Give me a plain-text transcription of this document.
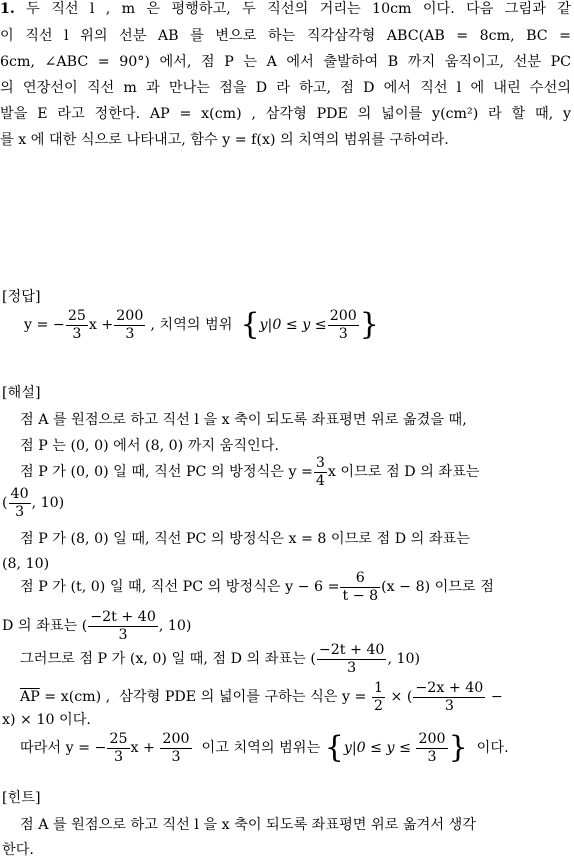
1. 두 직선 l , m 은 평행하고, 두 직선의 거리는 10cm 이다. 다음 그림과 같
이 직선 l 위의 선분 AB 를 변으로 하는 직각삼각형 ABC(AB = 8cm, BC =
6cm, ∠ABC = 90°) 에서, 점 P 는 A 에서 출발하여 B 까지 움직이고, 선분 PC
의 연장선이 직선 m 과 만나는 점을 D 라 하고, 점 D 에서 직선 l 에 내린 수선의
발을 E 라고 정한다. AP = x(cm) , 삼각형 PDE 의 넓이를 y(cm²) 라 할 때, y
를 x 에 대한 식으로 나타내고, 함수 y = f(x) 의 치역의 범위를 구하여라.
[정답]
y = − $\frac{25}{3}$ $x + \frac{200}{3}$ , 치역의 범위 { $y|0 \le y \le \frac{200}{3}$ }
[해설]
점 A 를 원점으로 하고 직선 l 을 x 축이 되도록 좌표평면 위로 옮겼을 때,
점 P 는 (0, 0) 에서 (8, 0) 까지 움직인다.
점 P 가 (0, 0) 일 때, 직선 PC 의 방정식은 $y = \frac{3}{4}$ x 이므로 점 D 의 좌표는
( $\frac{40}{3}$ , 10)
점 P 가 (8, 0) 일 때, 직선 PC 의 방정식은 x = 8 이므로 점 D 의 좌표는
(8, 10)
점 P 가 (t, 0) 일 때, 직선 PC 의 방정식은 $y - 6 = \frac{6}{t - 8} (x - 8)$ 이므로 점
D 의 좌표는 ( $\frac{-2t + 40}{3}$ , 10)
그러므로 점 P 가 (x, 0) 일 때, 점 D 의 좌표는 ( $\frac{-2t + 40}{3}$ , 10)
$\overline{AP} = x(cm)$ ,  삼각형 PDE 의 넓이를 구하는 식은 $y = \frac{1}{2}$ × ( $\frac{-2x + 40}{3}$ −
x) × 10 이다.
따라서 y = − $\frac{25}{3}$ $x + \frac{200}{3}$ 이고 치역의 범위는 { $y|0 \le y \le \frac{200}{3}$ } 이다.
[힌트]
점 A 를 원점으로 하고 직선 l 을 x 축이 되도록 좌표평면 위로 옮겨서 생각
한다.
